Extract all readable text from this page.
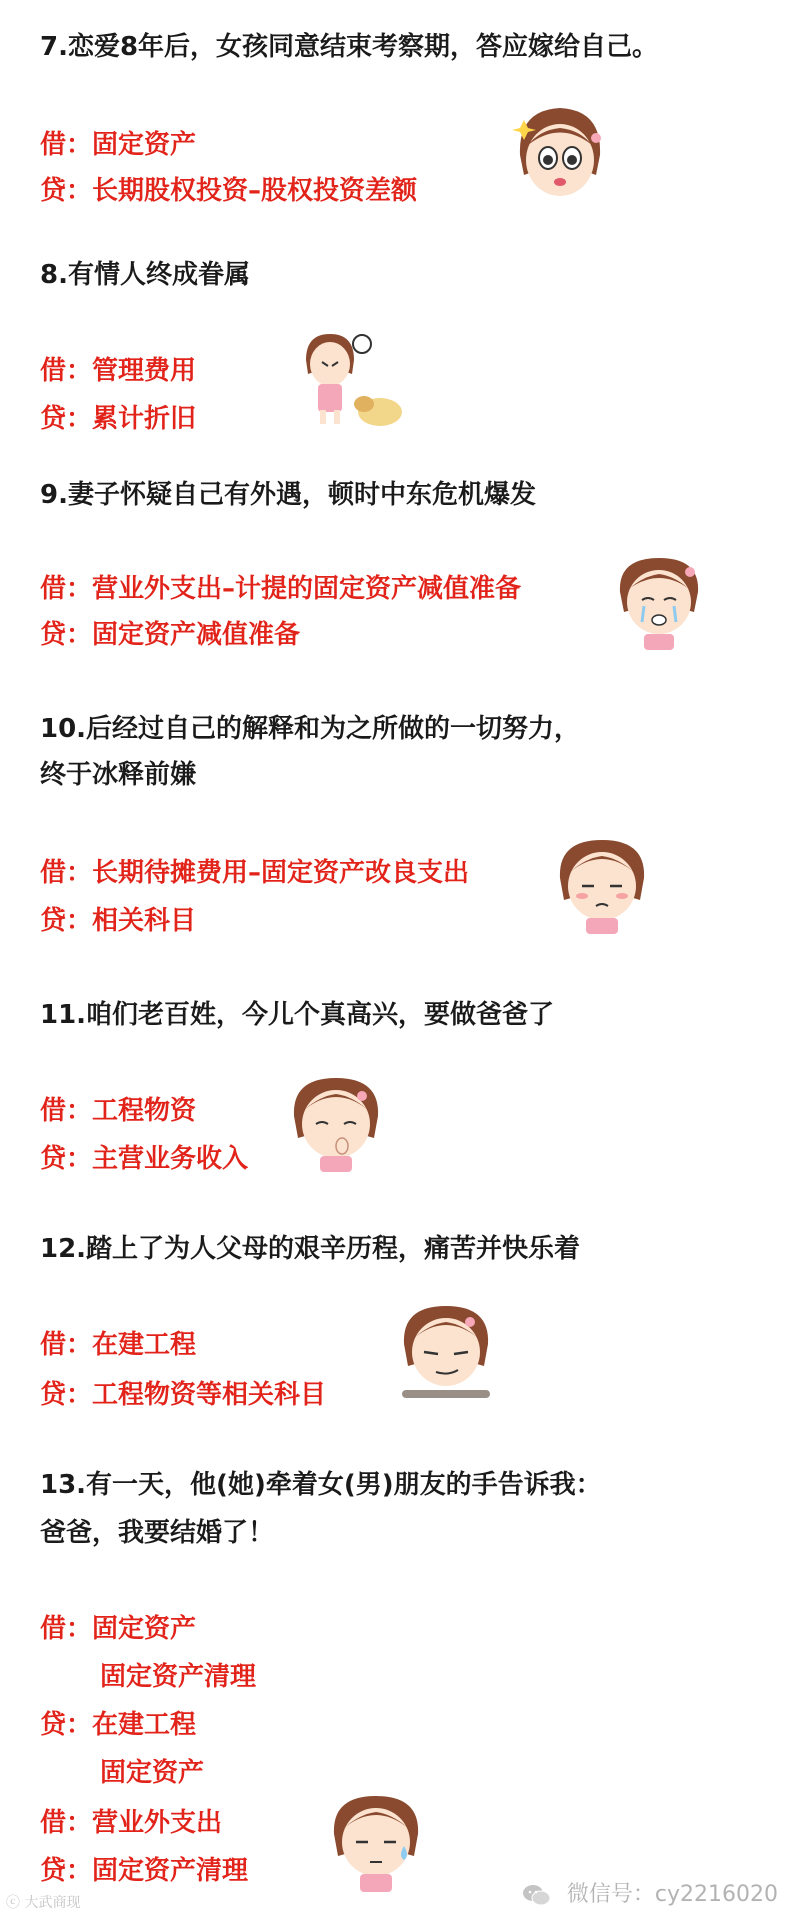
7.恋爱8年后，女孩同意结束考察期，答应嫁给自己。
借：固定资产
贷：长期股权投资–股权投资差额
8.有情人终成眷属
借：管理费用
贷：累计折旧
9.妻子怀疑自己有外遇，顿时中东危机爆发
借：营业外支出–计提的固定资产减值准备
贷：固定资产减值准备
10.后经过自己的解释和为之所做的一切努力，
终于冰释前嫌
借：长期待摊费用–固定资产改良支出
贷：相关科目
11.咱们老百姓，今儿个真高兴，要做爸爸了
借：工程物资
贷：主营业务收入
12.踏上了为人父母的艰辛历程，痛苦并快乐着
借：在建工程
贷：工程物资等相关科目
13.有一天，他(她)牵着女(男)朋友的手告诉我：
爸爸，我要结婚了！
借：固定资产
固定资产清理
贷：在建工程
固定资产
借：营业外支出
贷：固定资产清理
ⓒ 大武商现	微信号：cy2216020
